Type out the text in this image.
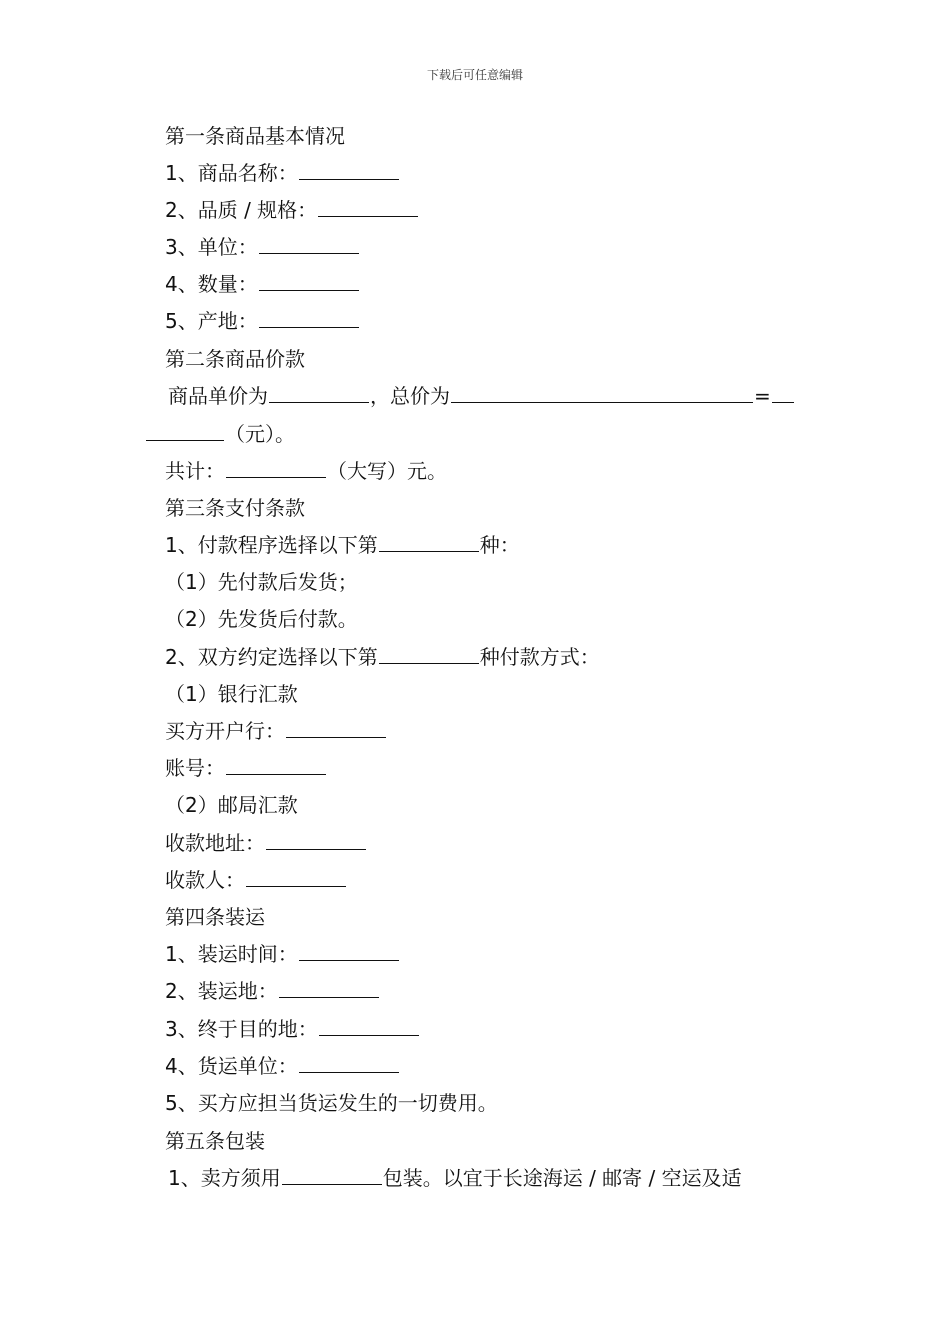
下载后可任意编辑
第一条商品基本情况
1、商品名称：
2、品质 / 规格：
3、单位：
4、数量：
5、产地：
第二条商品价款
商品单价为	，总价为	=
（元）。
共计：	（大写）元。
第三条支付条款
1、付款程序选择以下第	种：
（1）先付款后发货；
（2）先发货后付款。
2、双方约定选择以下第	种付款方式：
（1）银行汇款
买方开户行：
账号：
（2）邮局汇款
收款地址：
收款人：
第四条装运
1、装运时间：
2、装运地：
3、终于目的地：
4、货运单位：
5、买方应担当货运发生的一切费用。
第五条包装
1、卖方须用	包装。以宜于长途海运 / 邮寄 / 空运及适
